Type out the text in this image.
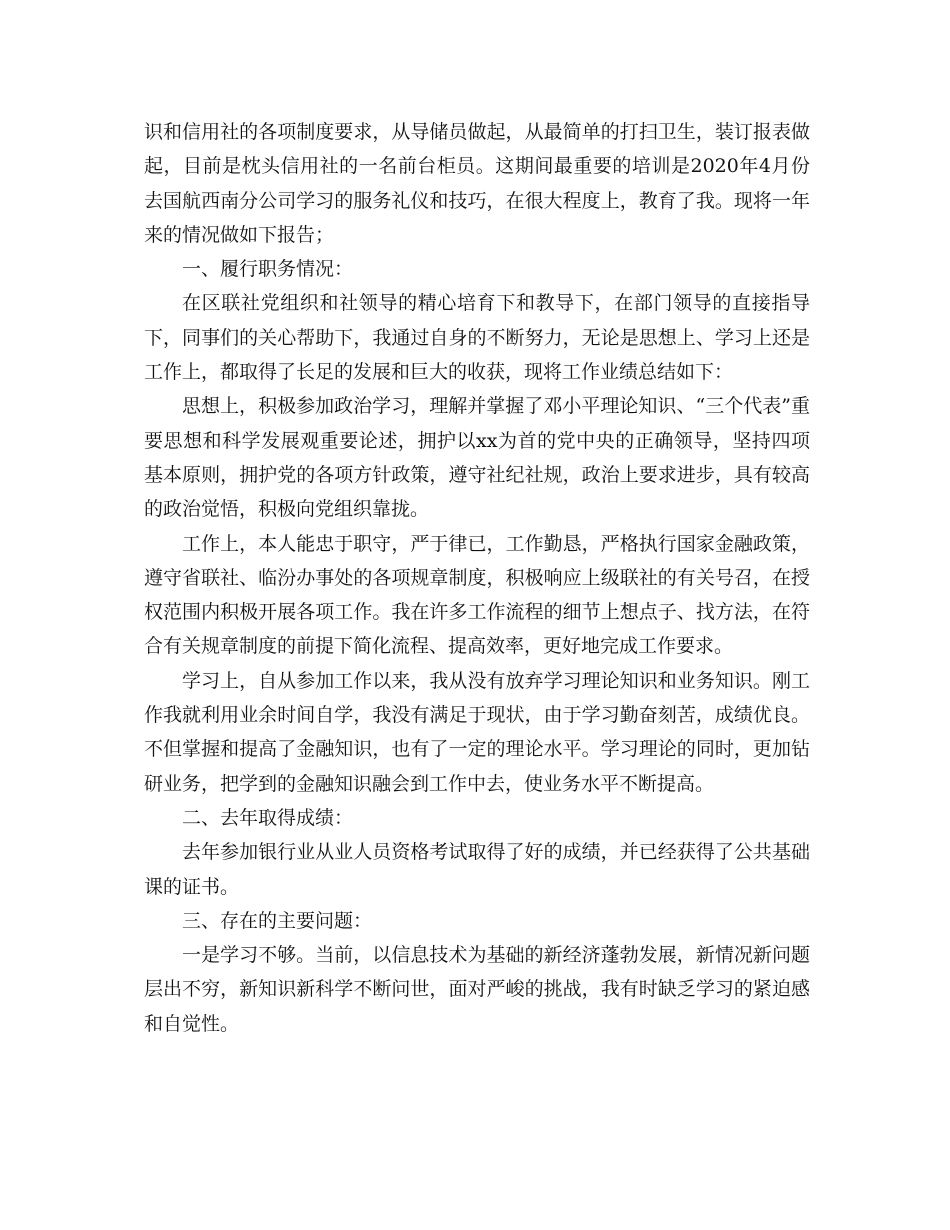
识和信用社的各项制度要求，从导储员做起，从最简单的打扫卫生，装订报表做起，目前是枕头信用社的一名前台柜员。这期间最重要的培训是2020年4月份去国航西南分公司学习的服务礼仪和技巧，在很大程度上，教育了我。现将一年来的情况做如下报告；

一、履行职务情况：

在区联社党组织和社领导的精心培育下和教导下，在部门领导的直接指导下，同事们的关心帮助下，我通过自身的不断努力，无论是思想上、学习上还是工作上，都取得了长足的发展和巨大的收获，现将工作业绩总结如下：

思想上，积极参加政治学习，理解并掌握了邓小平理论知识、“三个代表”重要思想和科学发展观重要论述，拥护以xx为首的党中央的正确领导，坚持四项基本原则，拥护党的各项方针政策，遵守社纪社规，政治上要求进步，具有较高的政治觉悟，积极向党组织靠拢。

工作上，本人能忠于职守，严于律已，工作勤恳，严格执行国家金融政策，遵守省联社、临汾办事处的各项规章制度，积极响应上级联社的有关号召，在授权范围内积极开展各项工作。我在许多工作流程的细节上想点子、找方法，在符合有关规章制度的前提下简化流程、提高效率，更好地完成工作要求。

学习上，自从参加工作以来，我从没有放弃学习理论知识和业务知识。刚工作我就利用业余时间自学，我没有满足于现状，由于学习勤奋刻苦，成绩优良。不但掌握和提高了金融知识，也有了一定的理论水平。学习理论的同时，更加钻研业务，把学到的金融知识融会到工作中去，使业务水平不断提高。

二、去年取得成绩：

去年参加银行业从业人员资格考试取得了好的成绩，并已经获得了公共基础课的证书。

三、存在的主要问题：

一是学习不够。当前，以信息技术为基础的新经济蓬勃发展，新情况新问题层出不穷，新知识新科学不断问世，面对严峻的挑战，我有时缺乏学习的紧迫感和自觉性。
